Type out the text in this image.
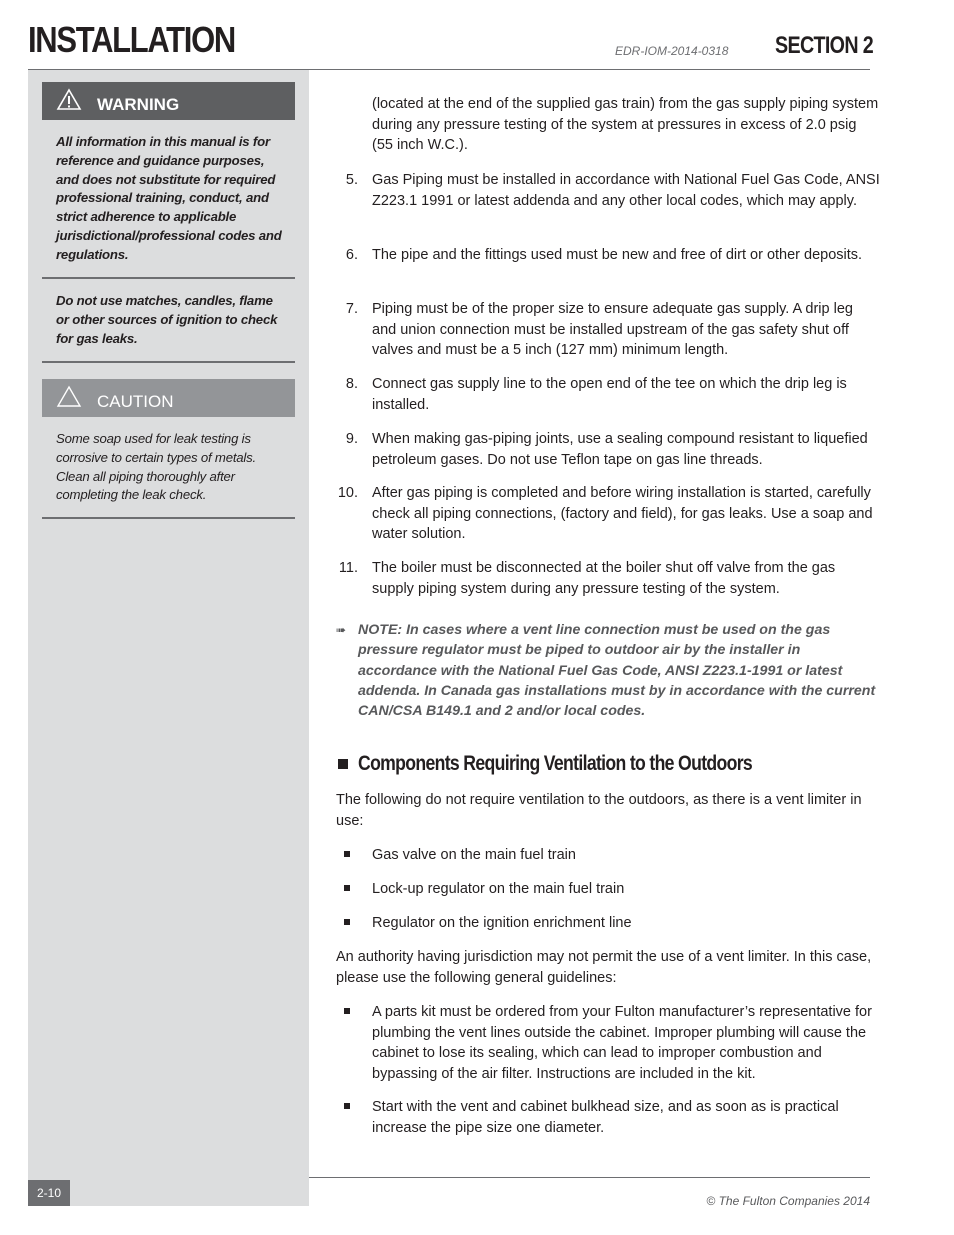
INSTALLATION	EDR-IOM-2014-0318 SECTION 2
WARNING
All information in this manual is for reference and guidance purposes, and does not substitute for required professional training, conduct, and strict adherence to applicable jurisdictional/professional codes and regulations.
Do not use matches, candles, flame or other sources of ignition to check for gas leaks.
CAUTION
Some soap used for leak testing is corrosive to certain types of metals. Clean all piping thoroughly after completing the leak check.
(located at the end of the supplied gas train) from the gas supply piping system during any pressure testing of the system at pressures in excess of 2.0 psig (55 inch W.C.).
5. Gas Piping must be installed in accordance with National Fuel Gas Code, ANSI Z223.1 1991 or latest addenda and any other local codes, which may apply.
6. The pipe and the fittings used must be new and free of dirt or other deposits.
7. Piping must be of the proper size to ensure adequate gas supply. A drip leg and union connection must be installed upstream of the gas safety shut off valves and must be a 5 inch (127 mm) minimum length.
8. Connect gas supply line to the open end of the tee on which the drip leg is installed.
9. When making gas-piping joints, use a sealing compound resistant to liquefied petroleum gases. Do not use Teflon tape on gas line threads.
10. After gas piping is completed and before wiring installation is started, carefully check all piping connections, (factory and field), for gas leaks. Use a soap and water solution.
11. The boiler must be disconnected at the boiler shut off valve from the gas supply piping system during any pressure testing of the system.
➠ NOTE: In cases where a vent line connection must be used on the gas pressure regulator must be piped to outdoor air by the installer in accordance with the National Fuel Gas Code, ANSI Z223.1-1991 or latest addenda. In Canada gas installations must by in accordance with the current CAN/CSA B149.1 and 2 and/or local codes.
Components Requiring Ventilation to the Outdoors
The following do not require ventilation to the outdoors, as there is a vent limiter in use:
Gas valve on the main fuel train
Lock-up regulator on the main fuel train
Regulator on the ignition enrichment line
An authority having jurisdiction may not permit the use of a vent limiter. In this case, please use the following general guidelines:
A parts kit must be ordered from your Fulton manufacturer’s representative for plumbing the vent lines outside the cabinet. Improper plumbing will cause the cabinet to lose its sealing, which can lead to improper combustion and bypassing of the air filter. Instructions are included in the kit.
Start with the vent and cabinet bulkhead size, and as soon as is practical increase the pipe size one diameter.
2-10
© The Fulton Companies 2014
